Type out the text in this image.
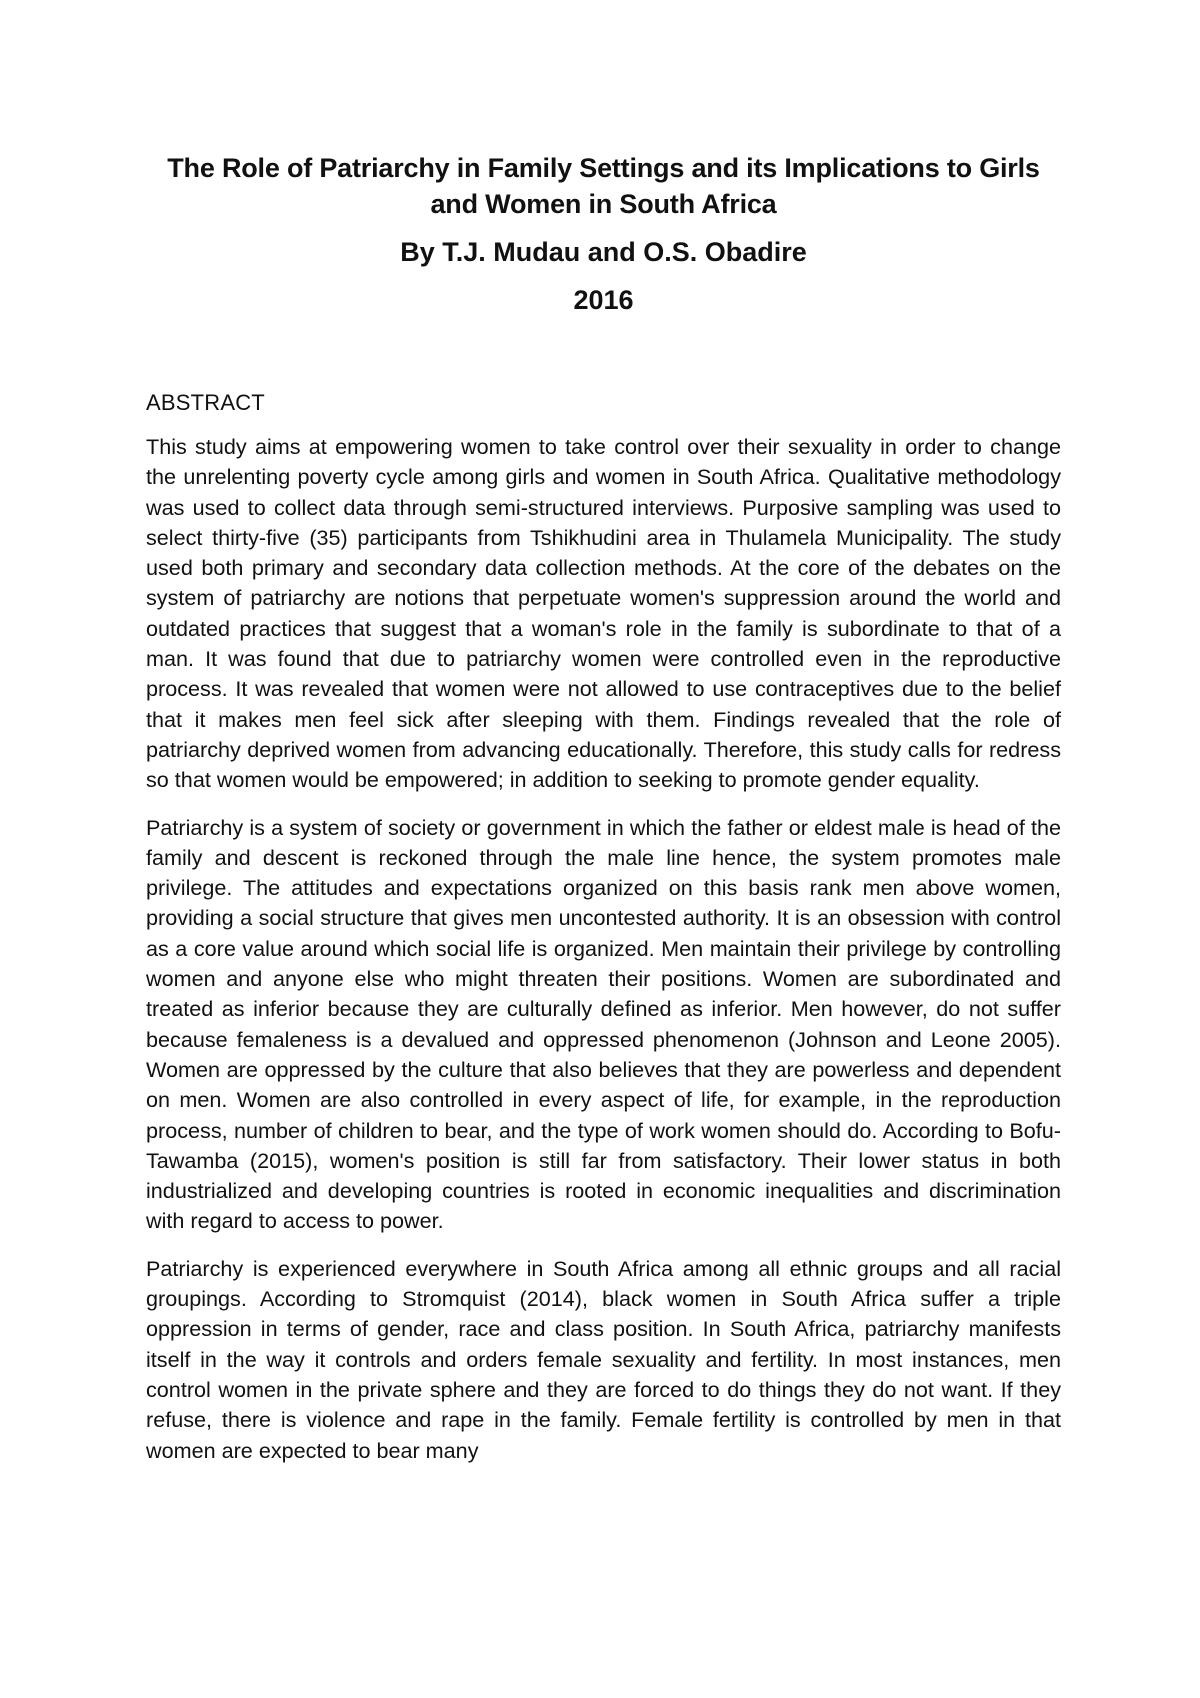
The Role of Patriarchy in Family Settings and its Implications to Girls and Women in South Africa
By T.J. Mudau and O.S. Obadire
2016
ABSTRACT

This study aims at empowering women to take control over their sexuality in order to change the unrelenting poverty cycle among girls and women in South Africa. Qualitative methodology was used to collect data through semi-structured interviews. Purposive sampling was used to select thirty-five (35) participants from Tshikhudini area in Thulamela Municipality. The study used both primary and secondary data collection methods. At the core of the debates on the system of patriarchy are notions that perpetuate women's suppression around the world and outdated practices that suggest that a woman's role in the family is subordinate to that of a man. It was found that due to patriarchy women were controlled even in the reproductive process. It was revealed that women were not allowed to use contraceptives due to the belief that it makes men feel sick after sleeping with them. Findings revealed that the role of patriarchy deprived women from advancing educationally. Therefore, this study calls for redress so that women would be empowered; in addition to seeking to promote gender equality.

Patriarchy is a system of society or government in which the father or eldest male is head of the family and descent is reckoned through the male line hence, the system promotes male privilege. The attitudes and expectations organized on this basis rank men above women, providing a social structure that gives men uncontested authority. It is an obsession with control as a core value around which social life is organized. Men maintain their privilege by controlling women and anyone else who might threaten their positions. Women are subordinated and treated as inferior because they are culturally defined as inferior. Men however, do not suffer because femaleness is a devalued and oppressed phenomenon (Johnson and Leone 2005). Women are oppressed by the culture that also believes that they are powerless and dependent on men. Women are also controlled in every aspect of life, for example, in the reproduction process, number of children to bear, and the type of work women should do. According to Bofu-Tawamba (2015), women's position is still far from satisfactory. Their lower status in both industrialized and developing countries is rooted in economic inequalities and discrimination with regard to access to power.

Patriarchy is experienced everywhere in South Africa among all ethnic groups and all racial groupings. According to Stromquist (2014), black women in South Africa suffer a triple oppression in terms of gender, race and class position. In South Africa, patriarchy manifests itself in the way it controls and orders female sexuality and fertility. In most instances, men control women in the private sphere and they are forced to do things they do not want. If they refuse, there is violence and rape in the family. Female fertility is controlled by men in that women are expected to bear many
